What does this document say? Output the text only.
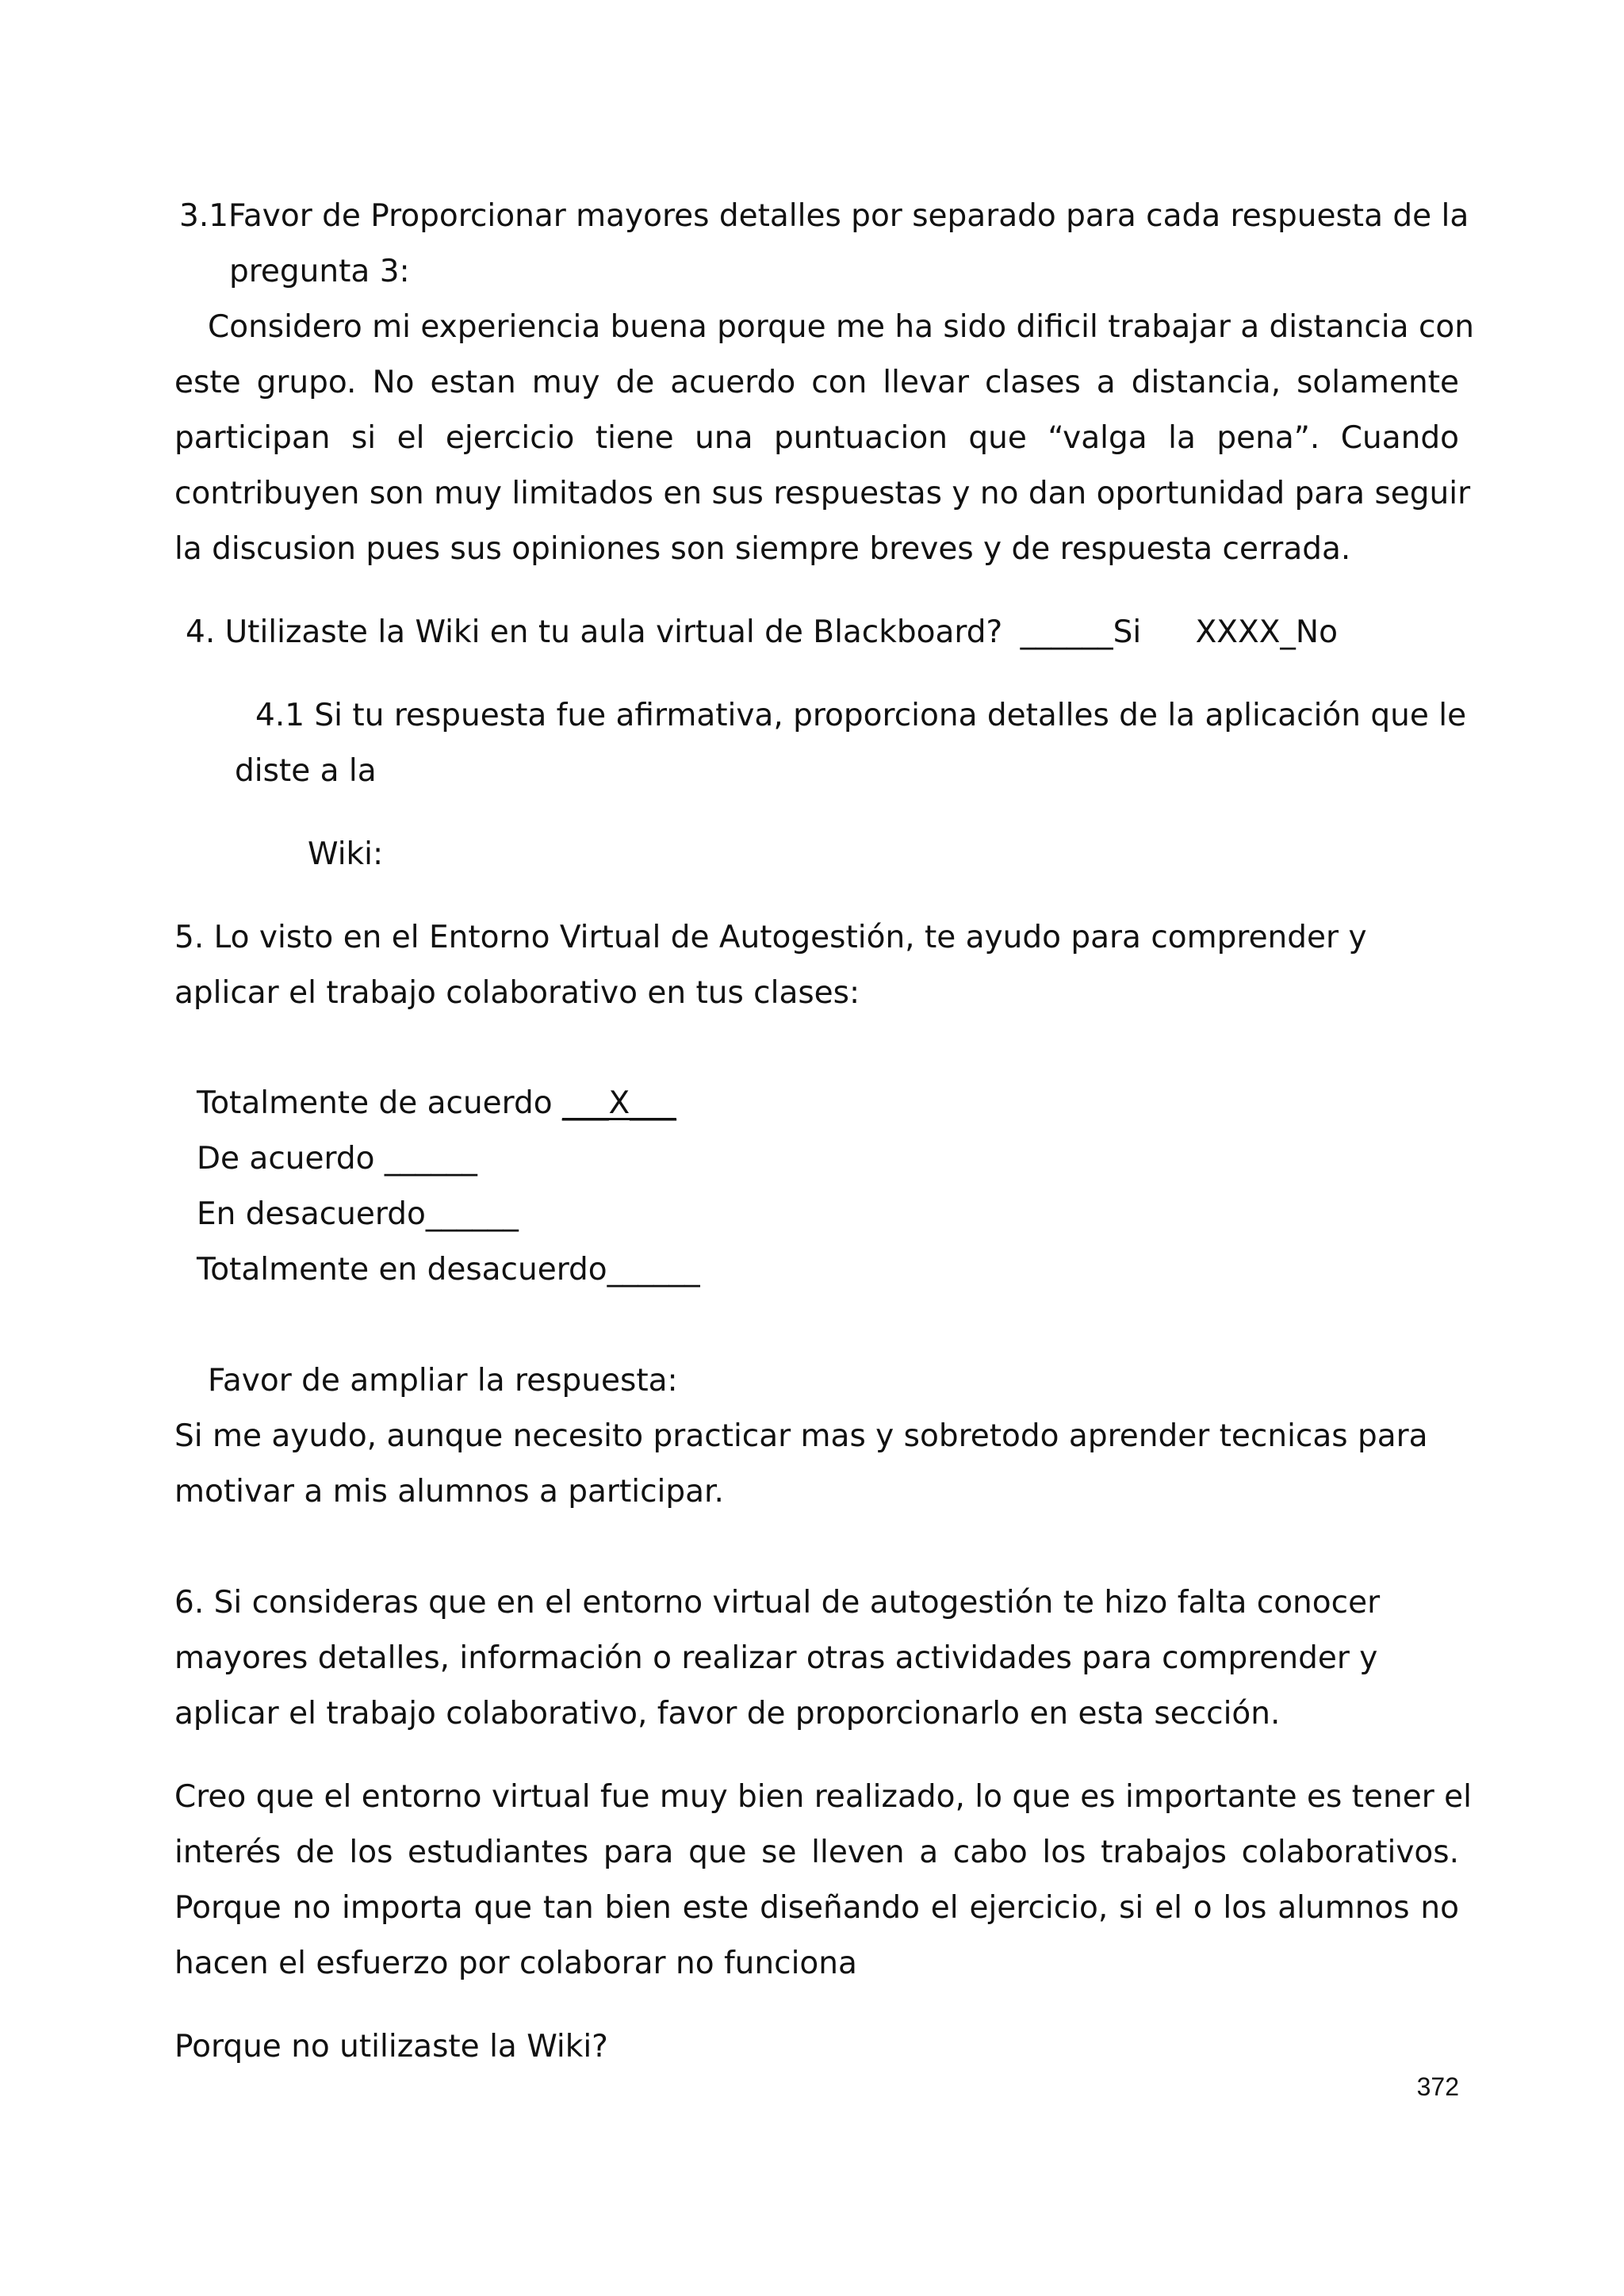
3.1Favor de Proporcionar mayores detalles por separado para cada respuesta de la

pregunta 3:

Considero mi experiencia buena porque me ha sido dificil trabajar a distancia con
este grupo. No estan muy de acuerdo con llevar clases a distancia, solamente
participan si el ejercicio tiene una puntuacion que “valga la pena”. Cuando
contribuyen son muy limitados en sus respuestas y no dan oportunidad para seguir

la discusion pues sus opiniones son siempre breves y de respuesta cerrada.

4. Utilizaste la Wiki en tu aula virtual de Blackboard? ______Si XXXX_No

4.1 Si tu respuesta fue afirmativa, proporciona detalles de la aplicación que le

diste a la

Wiki:

5. Lo visto en el Entorno Virtual de Autogestión, te ayudo para comprender y

aplicar el trabajo colaborativo en tus clases:

Totalmente de acuerdo ___X___

De acuerdo ______

En desacuerdo______

Totalmente en desacuerdo______

Favor de ampliar la respuesta:

Si me ayudo, aunque necesito practicar mas y sobretodo aprender tecnicas para

motivar a mis alumnos a participar.

6. Si consideras que en el entorno virtual de autogestión te hizo falta conocer

mayores detalles, información o realizar otras actividades para comprender y

aplicar el trabajo colaborativo, favor de proporcionarlo en esta sección.

Creo que el entorno virtual fue muy bien realizado, lo que es importante es tener el
interés de los estudiantes para que se lleven a cabo los trabajos colaborativos.
Porque no importa que tan bien este diseñando el ejercicio, si el o los alumnos no

hacen el esfuerzo por colaborar no funciona

Porque no utilizaste la Wiki?

372
